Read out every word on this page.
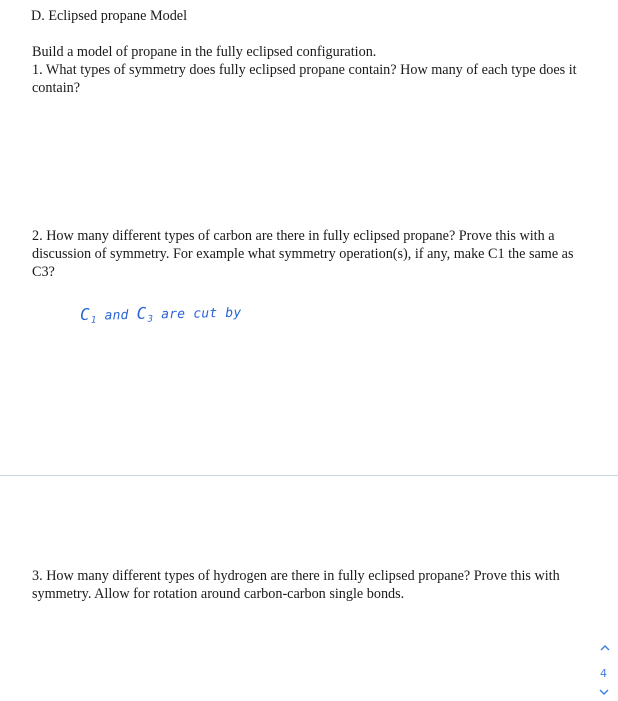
D. Eclipsed propane Model

Build a model of propane in the fully eclipsed configuration.

1. What types of symmetry does fully eclipsed propane contain? How many of each type does it contain?

2. How many different types of carbon are there in fully eclipsed propane? Prove this with a discussion of symmetry. For example what symmetry operation(s), if any, make C1 the same as C3?

$C_1$ and $C_3$ are cut by

3. How many different types of hydrogen are there in fully eclipsed propane? Prove this with symmetry. Allow for rotation around carbon-carbon single bonds.

4
